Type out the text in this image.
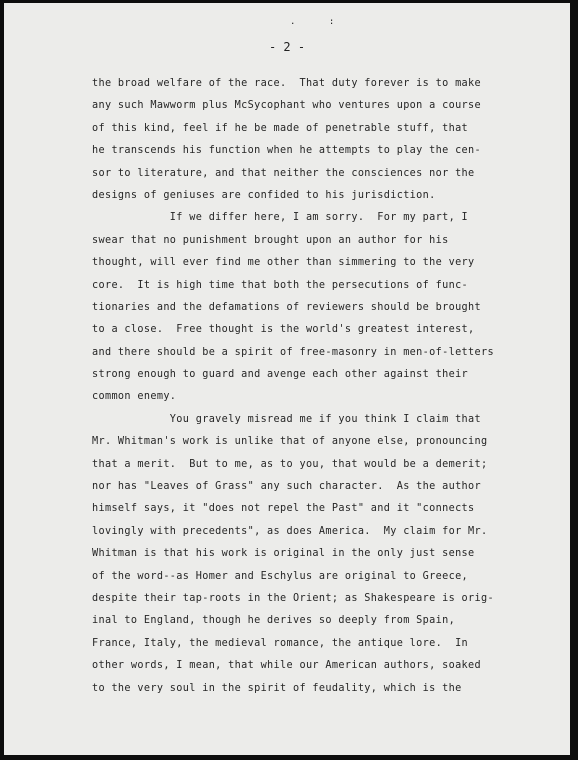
. :
- 2 -
the broad welfare of the race.  That duty forever is to make
any such Mawworm plus McSycophant who ventures upon a course
of this kind, feel if he be made of penetrable stuff, that
he transcends his function when he attempts to play the cen-
sor to literature, and that neither the consciences nor the
designs of geniuses are confided to his jurisdiction.
If we differ here, I am sorry.  For my part, I
swear that no punishment brought upon an author for his
thought, will ever find me other than simmering to the very
core.  It is high time that both the persecutions of func-
tionaries and the defamations of reviewers should be brought
to a close.  Free thought is the world's greatest interest,
and there should be a spirit of free-masonry in men-of-letters
strong enough to guard and avenge each other against their
common enemy.
You gravely misread me if you think I claim that
Mr. Whitman's work is unlike that of anyone else, pronouncing
that a merit.  But to me, as to you, that would be a demerit;
nor has "Leaves of Grass" any such character.  As the author
himself says, it "does not repel the Past" and it "connects
lovingly with precedents", as does America.  My claim for Mr.
Whitman is that his work is original in the only just sense
of the word--as Homer and Eschylus are original to Greece,
despite their tap-roots in the Orient; as Shakespeare is orig-
inal to England, though he derives so deeply from Spain,
France, Italy, the medieval romance, the antique lore.  In
other words, I mean, that while our American authors, soaked
to the very soul in the spirit of feudality, which is the
